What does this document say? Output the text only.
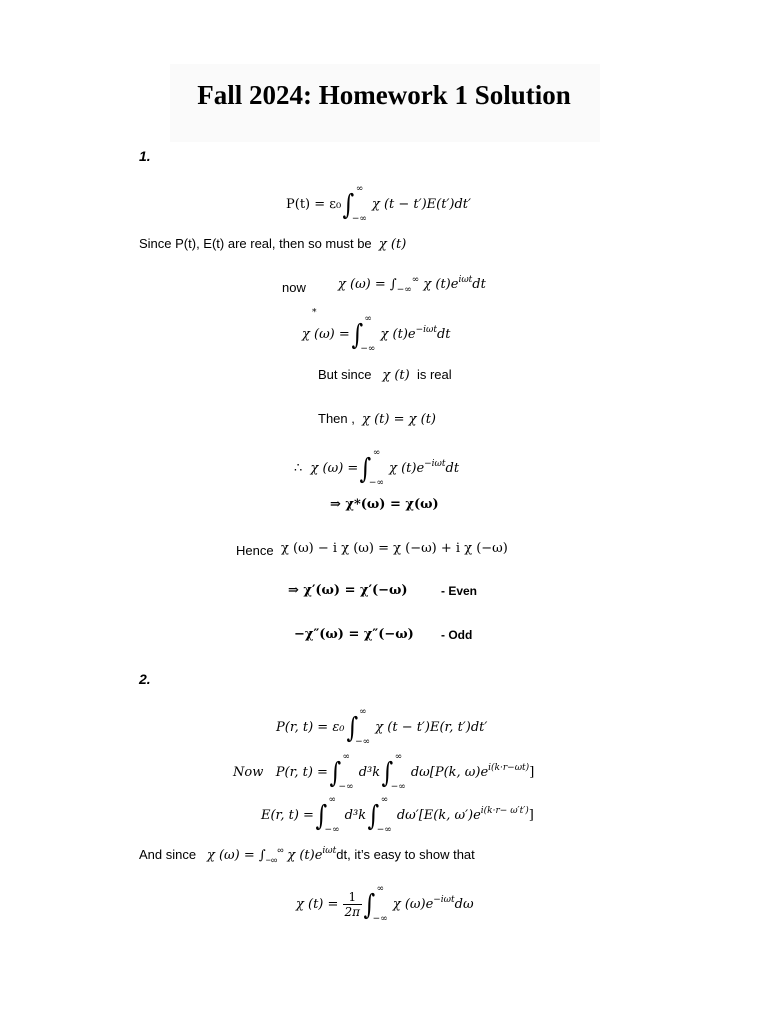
Fall 2024: Homework 1 Solution
1.
P(t) = ε₀∫ ∞
−∞
χ (t − t′)E(t′)dt′
Since P(t), E(t) are real, then so must be χ (t)
now χ $(\omega) = \int_{-\infty}^\infty$ χ $(t)e^{i\omega t}dt$
*
χ (ω) =∫ ∞
−∞
χ $(t)e^{-i\omega t}dt$
But since χ (t) is real
Then , χ (t) = χ (t)
∴ χ (ω) =∫ ∞
−∞
χ $(t)e^{-i\omega t}dt$
⇒ χ*(ω) = χ(ω)
Hence χ (ω) − i χ (ω) = χ (−ω) + i χ (−ω)
⇒ χ′(ω) = χ′(−ω)	- Even
−χ″(ω) = χ″(−ω) - Odd
2.
P(r, t) = ε₀∫ ∞
−∞
χ (t − t′)E(r, t′)dt′
Now P(r, t) =∫ ∞
−∞
d³k∫ ∞
−∞
dω[P(k, $\omega)e^{i(k\cdot r-\omega t)}$]
E(r, t) =∫ ∞
−∞
d³k∫ ∞
−∞
dω′[E(k, $\omega')e^{i(k\cdot r- \omega't')}$]
And since χ $(\omega) = \int_{-\infty}^\infty$ χ $(t)e^{i\omega t}dt$, it’s easy to show that
χ $(t) = \frac{1}{2\pi}$ ∫ ∞
−∞
χ $(\omega)e^{-i\omega t}d\omega$
